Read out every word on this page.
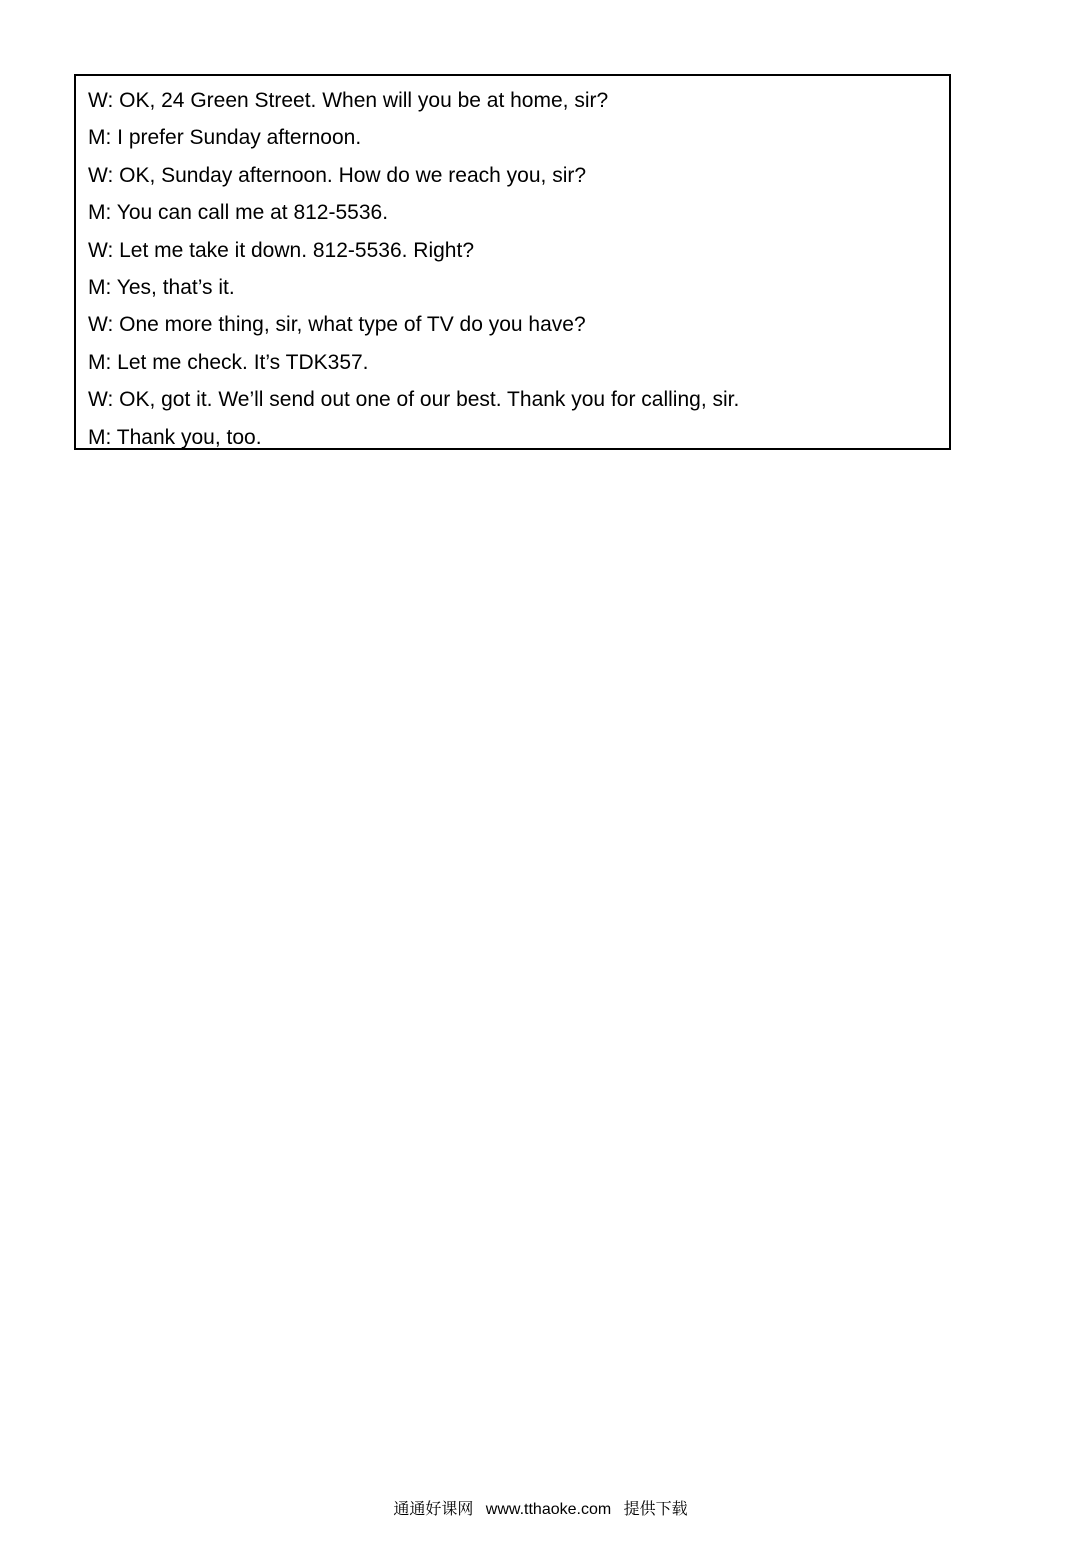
W: OK, 24 Green Street. When will you be at home, sir?
M: I prefer Sunday afternoon.
W: OK, Sunday afternoon. How do we reach you, sir?
M: You can call me at 812-5536.
W: Let me take it down. 812-5536. Right?
M: Yes, that’s it.
W: One more thing, sir, what type of TV do you have?
M: Let me check. It’s TDK357.
W: OK, got it. We’ll send out one of our best. Thank you for calling, sir.
M: Thank you, too.
通通好课网 www.tthaoke.com 提供下载
